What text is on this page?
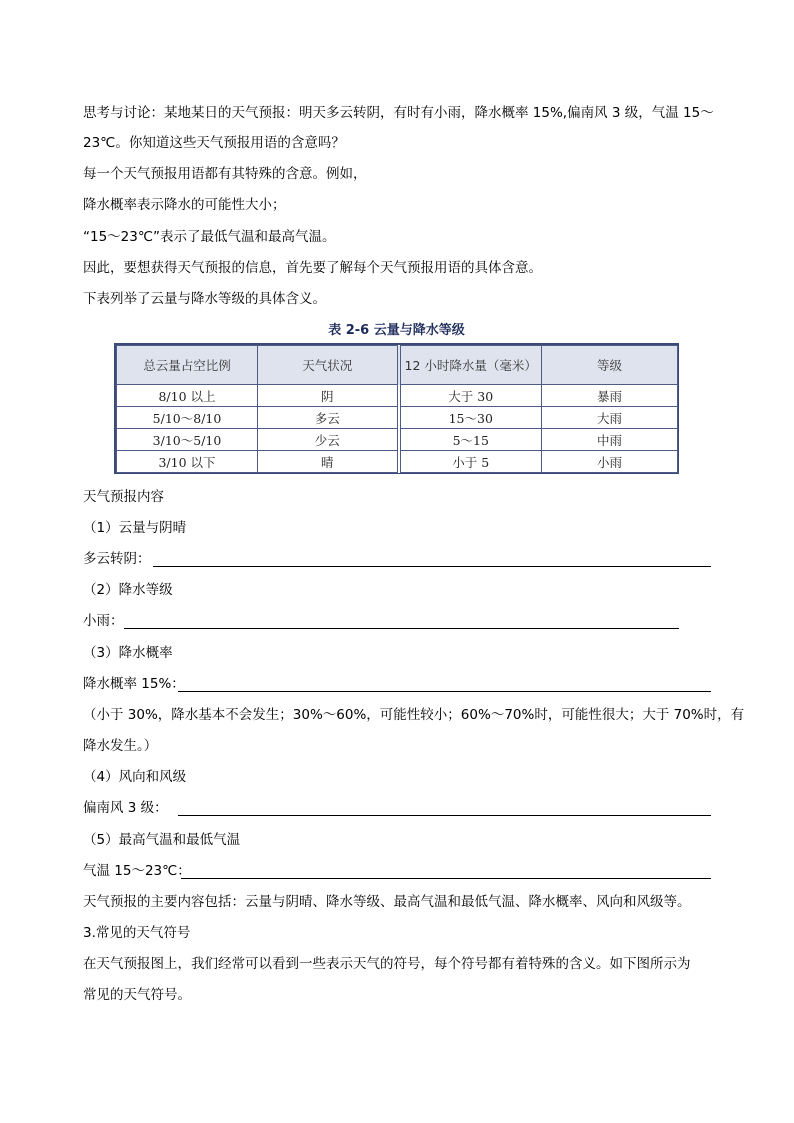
思考与讨论：某地某日的天气预报：明天多云转阴，有时有小雨，降水概率 15%,偏南风 3 级，气温 15～
23℃。你知道这些天气预报用语的含意吗？
每一个天气预报用语都有其特殊的含意。例如，
降水概率表示降水的可能性大小；
“15～23℃”表示了最低气温和最高气温。
因此，要想获得天气预报的信息，首先要了解每个天气预报用语的具体含意。
下表列举了云量与降水等级的具体含义。
表 2-6 云量与降水等级
总云量占空比例	天气状况	12 小时降水量（毫米）	等级
8/10 以上	阴	大于 30	暴雨
5/10～8/10	多云	15～30	大雨
3/10～5/10	少云	5～15	中雨
3/10 以下	晴	小于 5	小雨
天气预报内容
（1）云量与阴晴
多云转阴：
（2）降水等级
小雨：
（3）降水概率
降水概率 15%：
（小于 30%，降水基本不会发生；30%～60%，可能性较小；60%～70%时，可能性很大；大于 70%时，有
降水发生。）
（4）风向和风级
偏南风 3 级：
（5）最高气温和最低气温
气温 15～23℃：
天气预报的主要内容包括：云量与阴晴、降水等级、最高气温和最低气温、降水概率、风向和风级等。
3.常见的天气符号
在天气预报图上，我们经常可以看到一些表示天气的符号，每个符号都有着特殊的含义。如下图所示为
常见的天气符号。
